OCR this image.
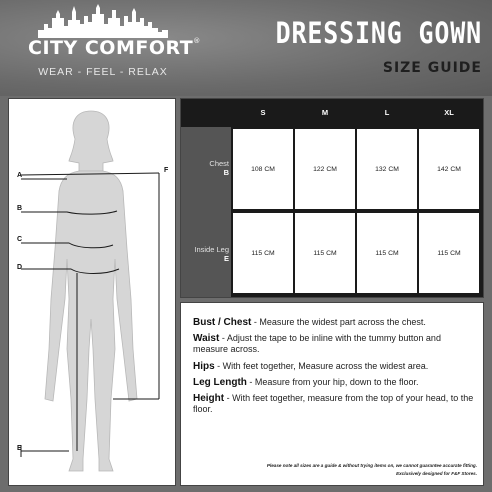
CITY COMFORT®
WEAR - FEEL - RELAX
DRESSING GOWN
SIZE GUIDE
A
B
C
D
E
F
S	M	L	XL
Chest
B	108 CM	122 CM	132 CM	142 CM
Inside Leg
E
115 CM	115 CM	115 CM	115 CM
Bust / Chest - Measure the widest part across the chest.
Waist - Adjust the tape to be inline with the tummy button and measure across.
Hips - With feet together, Measure across the widest area.
Leg Length - Measure from your hip, down to the floor.
Height - With feet together, measure from the top of your head, to the floor.
Please note all sizes are a guide & without trying items on, we cannot guarantee accurate fitting.
Exclusively designed for F&F Stores.
